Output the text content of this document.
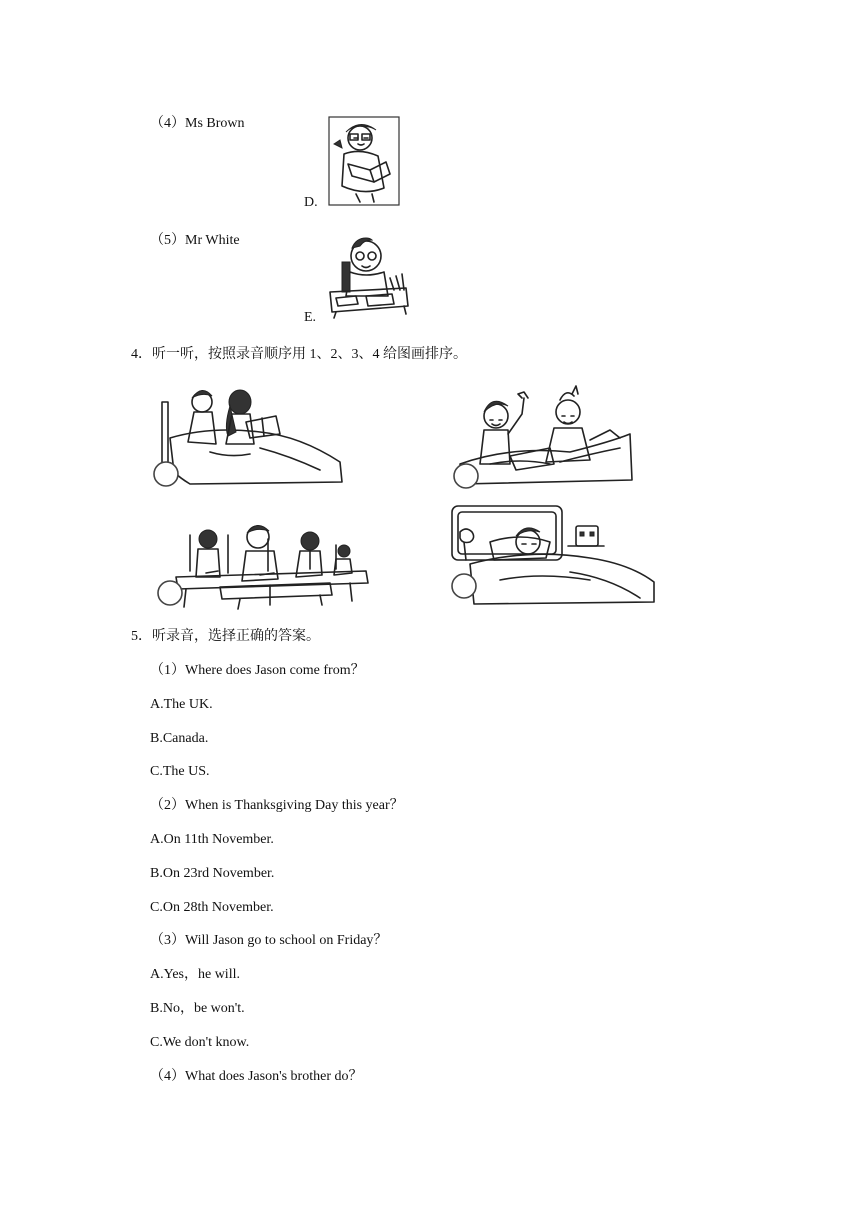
（4）Ms Brown
D.
（5）Mr White
E.
4．听一听，按照录音顺序用 1、2、3、4 给图画排序。
5．听录音，选择正确的答案。
（1）Where does Jason come from？
A.The UK.
B.Canada.
C.The US.
（2）When is Thanksgiving Day this year？
A.On 11th November.
B.On 23rd November.
C.On 28th November.
（3）Will Jason go to school on Friday？
A.Yes，he will.
B.No，be won't.
C.We don't know.
（4）What does Jason's brother do？
